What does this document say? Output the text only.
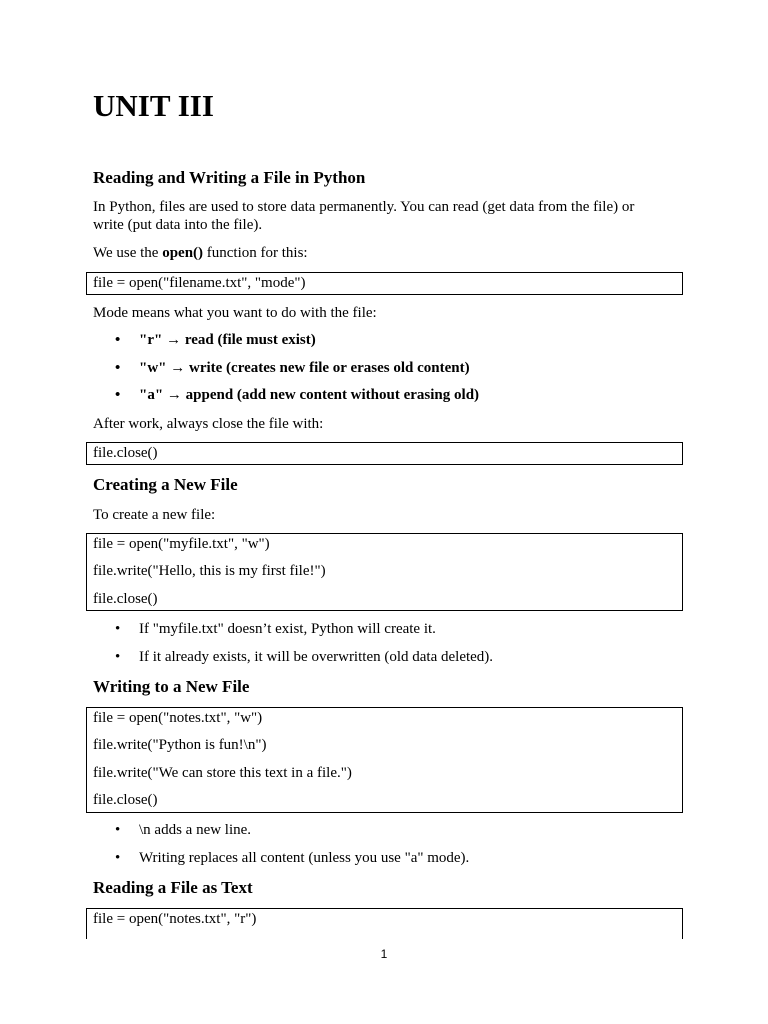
UNIT III
Reading and Writing a File in Python

In Python, files are used to store data permanently. You can read (get data from the file) or

write (put data into the file).

We use the open() function for this:

file = open("filename.txt", "mode")

Mode means what you want to do with the file:

•	"r" → read (file must exist)
•	"w" → write (creates new file or erases old content)
•	"a" → append (add new content without erasing old)

After work, always close the file with:

file.close()
Creating a New File

To create a new file:

file = open("myfile.txt", "w")
file.write("Hello, this is my first file!")
file.close()
•	If "myfile.txt" doesn’t exist, Python will create it.
•	If it already exists, it will be overwritten (old data deleted).
Writing to a New File
file = open("notes.txt", "w")
file.write("Python is fun!\n")
file.write("We can store this text in a file.")
file.close()
•	\n adds a new line.
•	Writing replaces all content (unless you use "a" mode).
Reading a File as Text
file = open("notes.txt", "r")
1
